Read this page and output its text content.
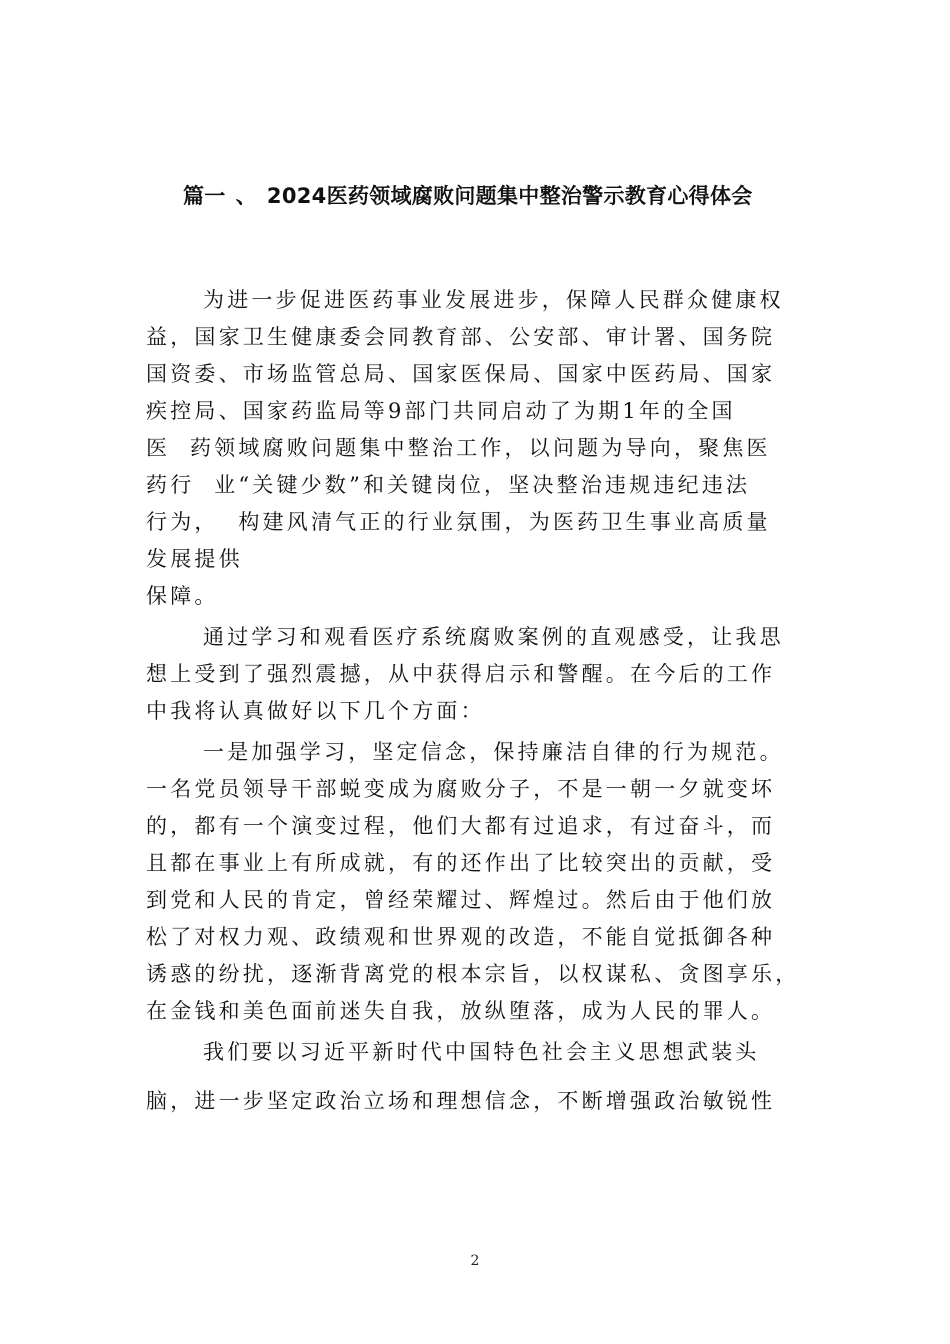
篇一 、 2024医药领域腐败问题集中整治警示教育心得体会
为进一步促进医药事业发展进步，保障人民群众健康权
益，国家卫生健康委会同教育部、公安部、审计署、国务院
国资委、市场监管总局、国家医保局、国家中医药局、国家
疾控局、国家药监局等9部门共同启动了为期1年的全国
医  药领域腐败问题集中整治工作，以问题为导向，聚焦医
药行  业“关键少数”和关键岗位，坚决整治违规违纪违法
行为，  构建风清气正的行业氛围，为医药卫生事业高质量
发展提供
保障。
通过学习和观看医疗系统腐败案例的直观感受，让我思
想上受到了强烈震撼，从中获得启示和警醒。在今后的工作
中我将认真做好以下几个方面：
一是加强学习，坚定信念，保持廉洁自律的行为规范。
一名党员领导干部蜕变成为腐败分子，不是一朝一夕就变坏
的，都有一个演变过程，他们大都有过追求，有过奋斗，而
且都在事业上有所成就，有的还作出了比较突出的贡献，受
到党和人民的肯定，曾经荣耀过、辉煌过。然后由于他们放
松了对权力观、政绩观和世界观的改造，不能自觉抵御各种
诱惑的纷扰，逐渐背离党的根本宗旨，以权谋私、贪图享乐，
在金钱和美色面前迷失自我，放纵堕落，成为人民的罪人。
我们要以习近平新时代中国特色社会主义思想武装头
脑，进一步坚定政治立场和理想信念，不断增强政治敏锐性
2
